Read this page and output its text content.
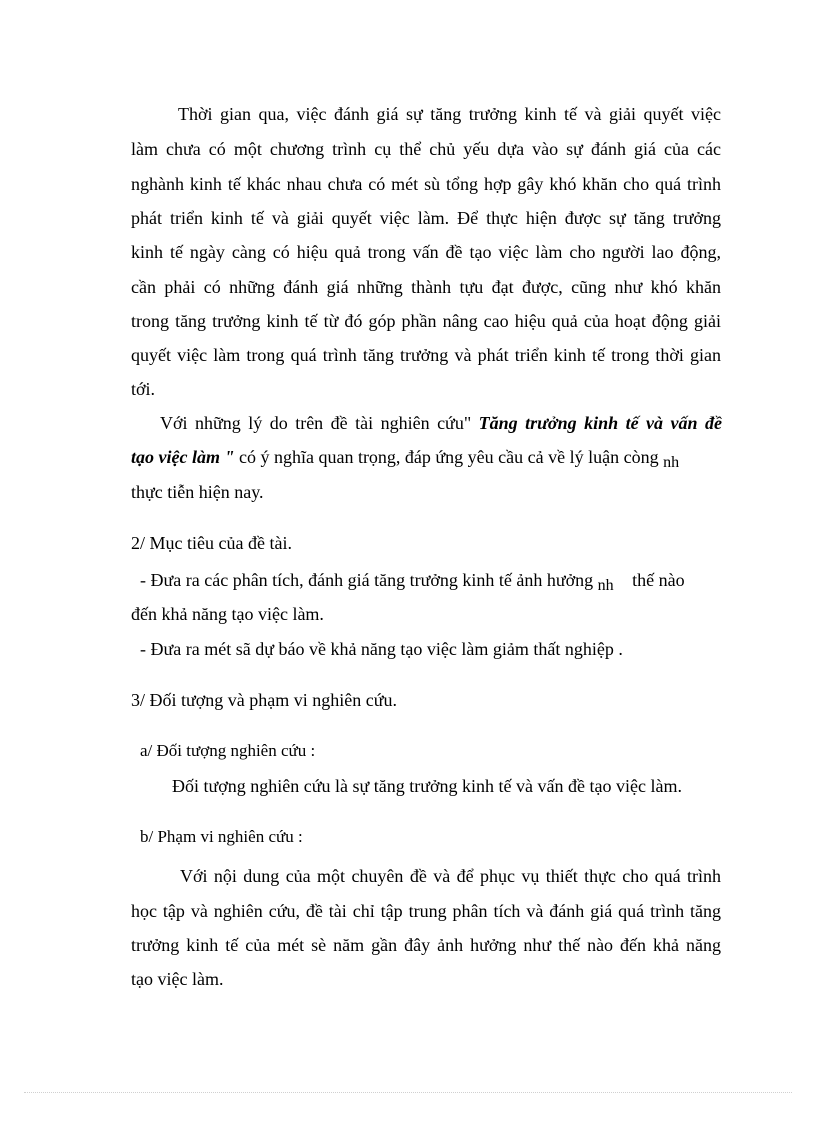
Thời gian qua, việc đánh giá sự tăng trưởng kinh tế và giải quyết việc
làm chưa có một chương trình cụ thể chủ yếu dựa vào sự đánh giá của các
nghành kinh tế khác nhau chưa có mét sù tổng hợp gây khó khăn cho quá trình
phát triển kinh tế và giải quyết việc làm. Để thực hiện được sự tăng trưởng
kinh tế ngày càng có hiệu quả trong vấn đề tạo việc làm cho người lao động,
cần phải có những đánh giá những thành tựu đạt được, cũng như khó khăn
trong tăng trưởng kinh tế từ đó góp phần nâng cao hiệu quả của hoạt động giải
quyết việc làm trong quá trình tăng trưởng và phát triển kinh tế trong thời gian
tới.
Với những lý do trên đề tài nghiên cứu" Tăng trưởng kinh tế và vấn đề
tạo việc làm " có ý nghĩa quan trọng, đáp ứng yêu cầu cả về lý luận còng nh
thực tiễn hiện nay.
2/ Mục tiêu của đề tài.
- Đưa ra các phân tích, đánh giá tăng trưởng kinh tế ảnh hưởng nh thế nào
đến khả năng tạo việc làm.
- Đưa ra mét sã dự báo về khả năng tạo việc làm giảm thất nghiệp .
3/ Đối tượng và phạm vi nghiên cứu.
a/ Đối tượng nghiên cứu :
Đối tượng nghiên cứu là sự tăng trưởng kinh tế và vấn đề tạo việc làm.
b/ Phạm vi nghiên cứu :
Với nội dung của một chuyên đề và để phục vụ thiết thực cho quá trình
học tập và nghiên cứu, đề tài chỉ tập trung phân tích và đánh giá quá trình tăng
trưởng kinh tế của mét sè năm gần đây ảnh hưởng như thế nào đến khả năng
tạo việc làm.
